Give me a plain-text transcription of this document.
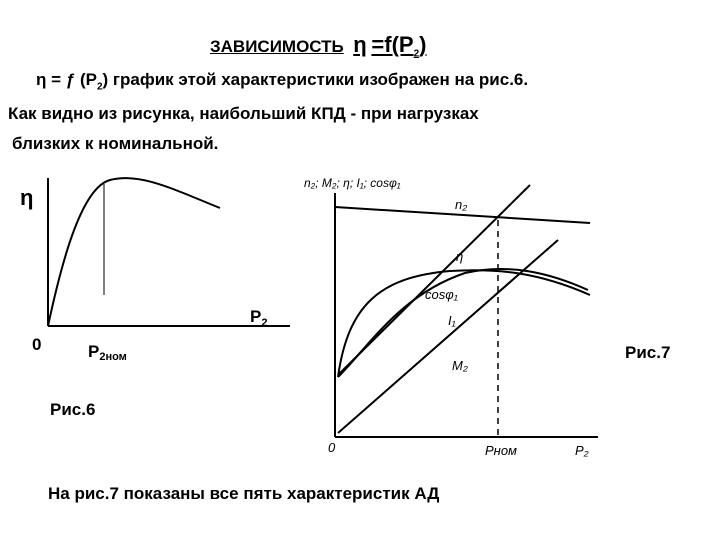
ЗАВИСИМОСТЬ $\eta =f(P_2)$
η = ƒ $(P_2)$ график этой характеристики изображен на рис.6.
Как видно из рисунка, наибольший КПД - при нагрузках
близких к номинальной.
η
$P_2$
0	P2ном
n₂; M₂; η; I₁; cosφ₁
n₂
η
cosφ₁
I₁
M₂
0	Pном	P₂
Рис.6
Рис.7
На рис.7 показаны все пять характеристик АД
